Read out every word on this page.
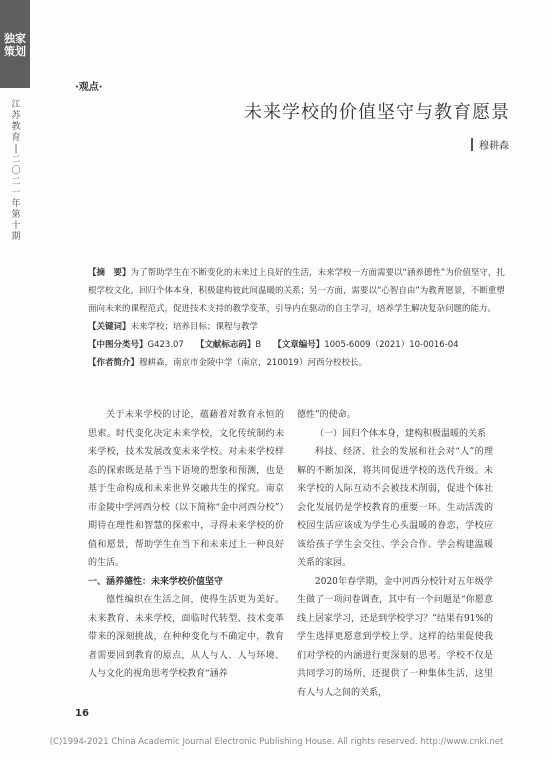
独家
策划
江
苏
教
育
|
二
〇
二
一
年
第
十
期
·观点·
未来学校的价值坚守与教育愿景
穆耕森

【摘　要】为了帮助学生在不断变化的未来过上良好的生活，未来学校一方面需要以“涵养德性”为价值坚守，扎根学校文化，回归个体本身，积极建构彼此间温暖的关系；另一方面，需要以“心智自由”为教育愿景，不断重塑面向未来的课程范式，促进技术支持的教学变革，引导内在驱动的自主学习，培养学生解决复杂问题的能力。

【关键词】未来学校；培养目标；课程与教学

【中图分类号】G423.07 【文献标志码】B 【文章编号】1005-6009（2021）10-0016-04

【作者简介】穆耕森，南京市金陵中学（南京，210019）河西分校校长。

关于未来学校的讨论，蕴藉着对教育永恒的思索。时代变化决定未来学校，文化传统制约未来学校，技术发展改变未来学校。对未来学校样态的探索既是基于当下语境的想象和预测，也是基于生命构成和未来世界交融共生的探究。南京市金陵中学河西分校（以下简称“金中河西分校”）期待在理性和智慧的探索中，寻得未来学校的价值和愿景，帮助学生在当下和未来过上一种良好的生活。

一、涵养德性：未来学校价值坚守

德性编织在生活之间，使得生活更为美好。未来教育、未来学校，面临时代转型、技术变革带来的深刻挑战，在种种变化与不确定中，教育者需要回到教育的原点，从人与人、人与环境、人与文化的视角思考学校教育“涵养

德性”的使命。

（一）回归个体本身，建构积极温暖的关系

科技、经济、社会的发展和社会对“人”的理解的不断加深，将共同促进学校的迭代升级。未来学校的人际互动不会被技术削弱，促进个体社会化发展仍是学校教育的重要一环。生动活泼的校园生活应该成为学生心头温暖的眷恋，学校应该给孩子学生会交往、学会合作、学会构建温暖关系的家园。

2020年春学期，金中河西分校针对五年级学生做了一项问卷调查，其中有一个问题是“你愿意线上居家学习，还是到学校学习？”结果有91%的学生选择更愿意到学校上学。这样的结果促使我们对学校的内涵进行更深刻的思考。学校不仅是共同学习的场所，还提供了一种集体生活，这里有人与人之间的关系，

16
(C)1994-2021 China Academic Journal Electronic Publishing House. All rights reserved. http://www.cnki.net
